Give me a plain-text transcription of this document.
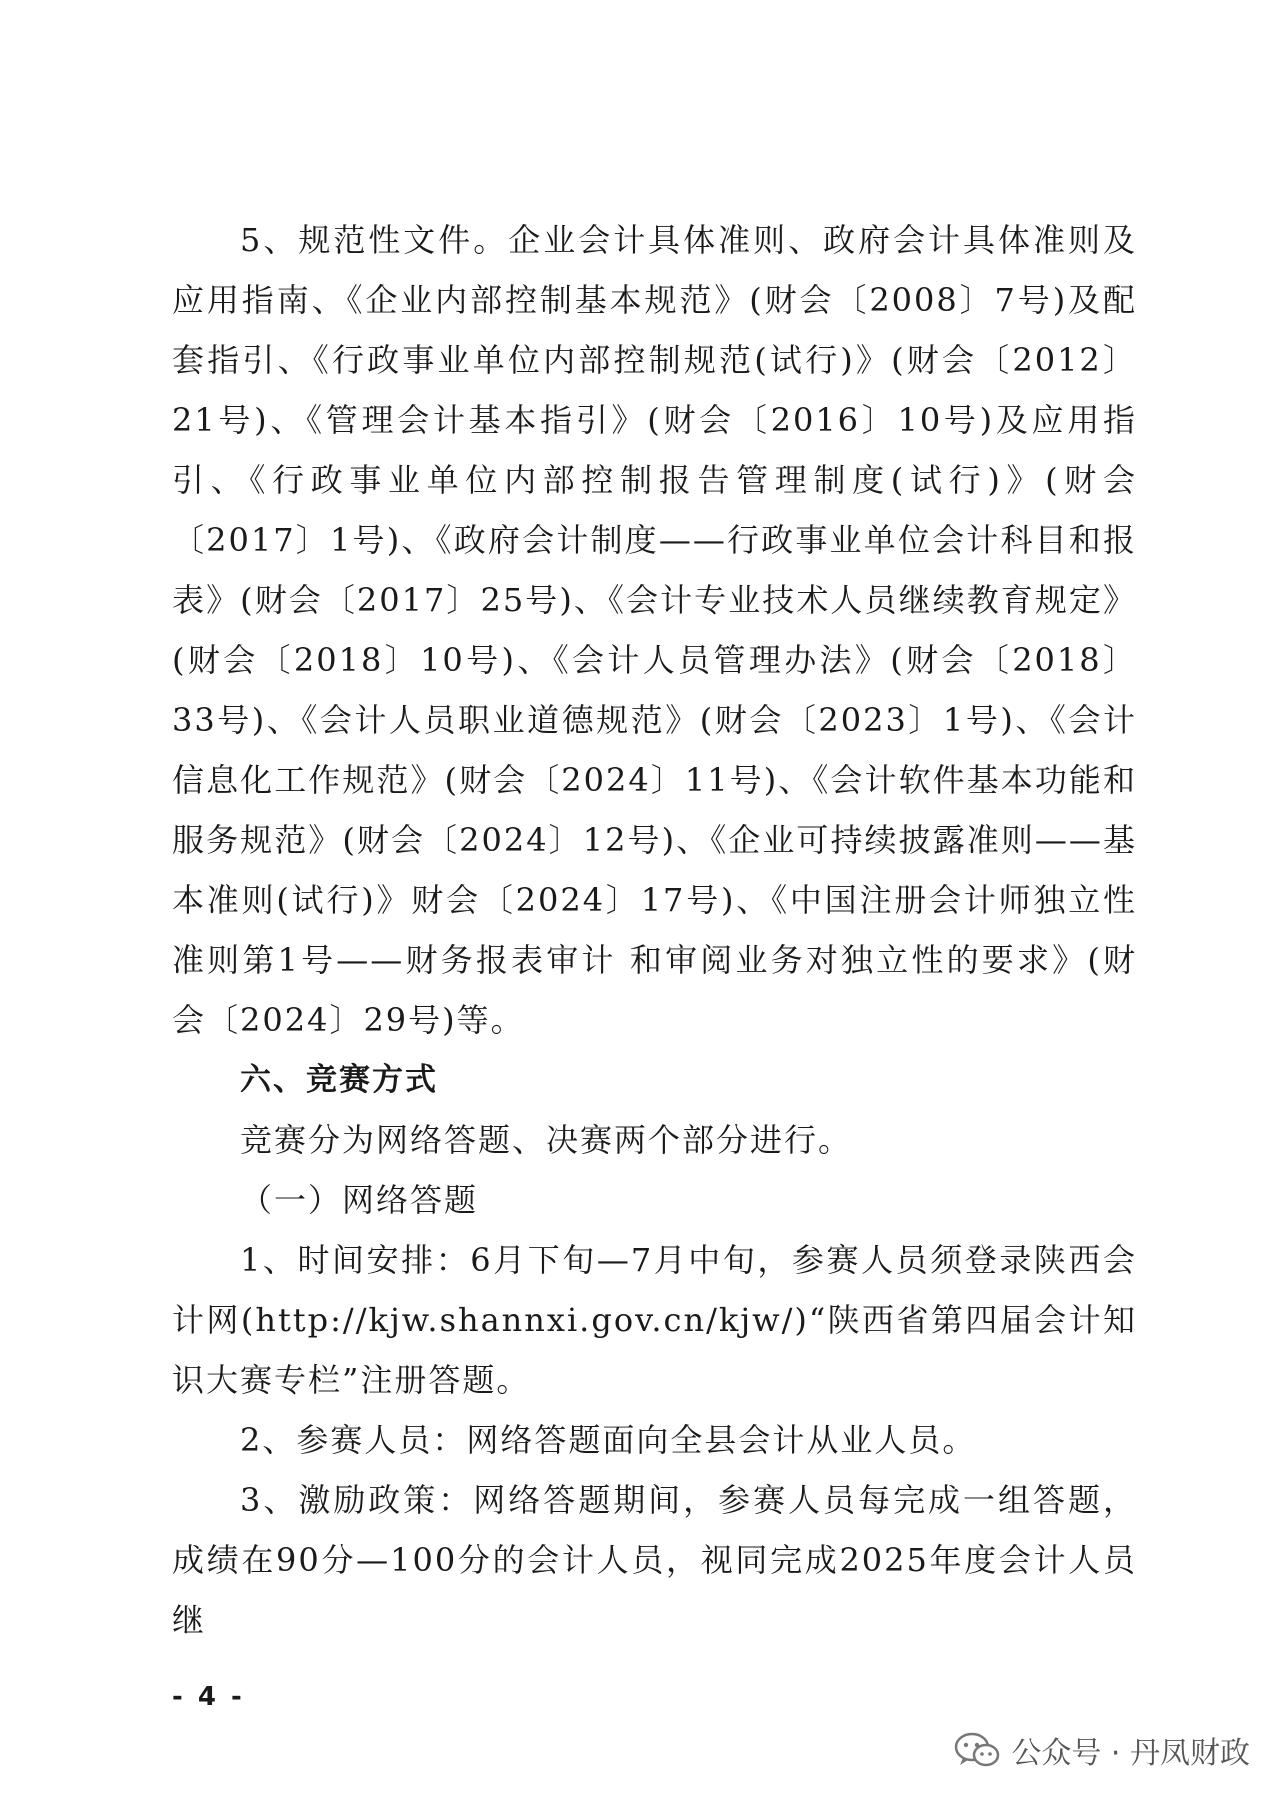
5、规范性文件。企业会计具体准则、政府会计具体准则及应用指南、《企业内部控制基本规范》(财会〔2008〕7号)及配套指引、《行政事业单位内部控制规范(试行)》(财会〔2012〕21号)、《管理会计基本指引》(财会〔2016〕10号)及应用指引、《行政事业单位内部控制报告管理制度(试行)》(财会〔2017〕1号)、《政府会计制度——行政事业单位会计科目和报表》(财会〔2017〕25号)、《会计专业技术人员继续教育规定》(财会〔2018〕10号)、《会计人员管理办法》(财会〔2018〕33号)、《会计人员职业道德规范》(财会〔2023〕1号)、《会计信息化工作规范》(财会〔2024〕11号)、《会计软件基本功能和服务规范》(财会〔2024〕12号)、《企业可持续披露准则——基本准则(试行)》财会〔2024〕17号)、《中国注册会计师独立性准则第1号——财务报表审计 和审阅业务对独立性的要求》(财会〔2024〕29号)等。

六、竞赛方式

竞赛分为网络答题、决赛两个部分进行。

（一）网络答题

1、时间安排：6月下旬—7月中旬，参赛人员须登录陕西会计网(http://kjw.shannxi.gov.cn/kjw/)“陕西省第四届会计知识大赛专栏”注册答题。

2、参赛人员：网络答题面向全县会计从业人员。

3、激励政策：网络答题期间，参赛人员每完成一组答题，成绩在90分—100分的会计人员，视同完成2025年度会计人员继

- 4 -
公众号 · 丹凤财政
